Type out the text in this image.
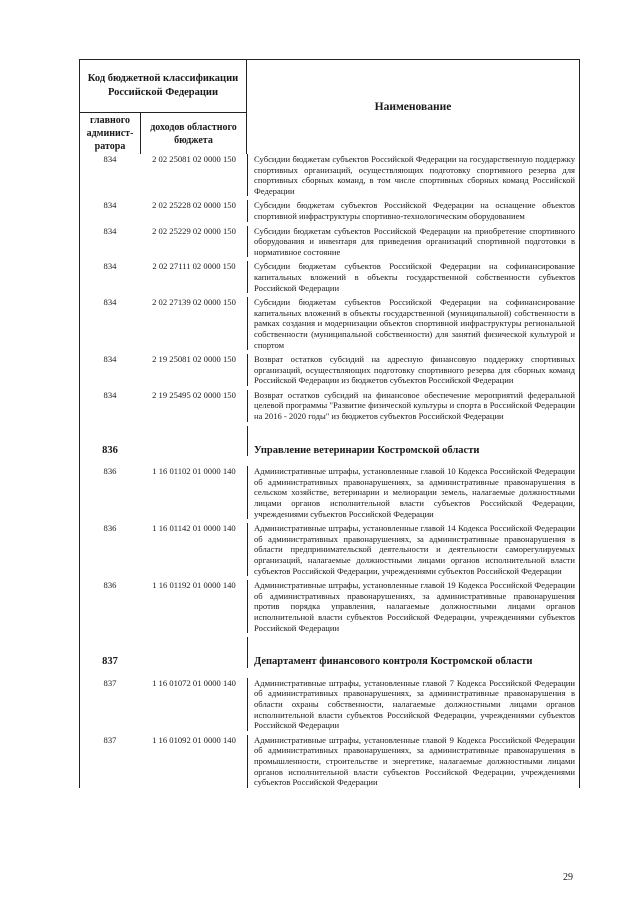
Код бюджетной классификации Российской Федерации
главного админист-ратора
доходов областного бюджета
Наименование
834	2 02 25081 02 0000 150	Субсидии бюджетам субъектов Российской Федерации на государственную поддержку спортивных организаций, осуществляющих подготовку спортивного резерва для спортивных сборных команд, в том числе спортивных сборных команд Российской Федерации
834	2 02 25228 02 0000 150	Субсидии бюджетам субъектов Российской Федерации на оснащение объектов спортивной инфраструктуры спортивно-технологическим оборудованием
834	2 02 25229 02 0000 150	Субсидии бюджетам субъектов Российской Федерации на приобретение спортивного оборудования и инвентаря для приведения организаций спортивной подготовки в нормативное состояние
834	2 02 27111 02 0000 150	Субсидии бюджетам субъектов Российской Федерации на софинансирование капитальных вложений в объекты государственной собственности субъектов Российской Федерации
834	2 02 27139 02 0000 150	Субсидии бюджетам субъектов Российской Федерации на софинансирование капитальных вложений в объекты государственной (муниципальной) собственности в рамках создания и модернизации объектов спортивной инфраструктуры региональной собственности (муниципальной собственности) для занятий физической культурой и спортом
834	2 19 25081 02 0000 150	Возврат остатков субсидий на адресную финансовую поддержку спортивных организаций, осуществляющих подготовку спортивного резерва для сборных команд Российской Федерации из бюджетов субъектов Российской Федерации
834	2 19 25495 02 0000 150	Возврат остатков субсидий на финансовое обеспечение мероприятий федеральной целевой программы "Развитие физической культуры и спорта в Российской Федерации на 2016 - 2020 годы" из бюджетов субъектов Российской Федерации
836	Управление ветеринарии Костромской области
836	1 16 01102 01 0000 140	Административные штрафы, установленные главой 10 Кодекса Российской Федерации об административных правонарушениях, за административные правонарушения в сельском хозяйстве, ветеринарии и мелиорации земель, налагаемые должностными лицами органов исполнительной власти субъектов Российской Федерации, учреждениями субъектов Российской Федерации
836	1 16 01142 01 0000 140	Административные штрафы, установленные главой 14 Кодекса Российской Федерации об административных правонарушениях, за административные правонарушения в области предпринимательской деятельности и деятельности саморегулируемых организаций, налагаемые должностными лицами органов исполнительной власти субъектов Российской Федерации, учреждениями субъектов Российской Федерации
836	1 16 01192 01 0000 140	Административные штрафы, установленные главой 19 Кодекса Российской Федерации об административных правонарушениях, за административные правонарушения против порядка управления, налагаемые должностными лицами органов исполнительной власти субъектов Российской Федерации, учреждениями субъектов Российской Федерации
837	Департамент финансового контроля Костромской области
837	1 16 01072 01 0000 140	Административные штрафы, установленные главой 7 Кодекса Российской Федерации об административных правонарушениях, за административные правонарушения в области охраны собственности, налагаемые должностными лицами органов исполнительной власти субъектов Российской Федерации, учреждениями субъектов Российской Федерации
837	1 16 01092 01 0000 140	Административные штрафы, установленные главой 9 Кодекса Российской Федерации об административных правонарушениях, за административные правонарушения в промышленности, строительстве и энергетике, налагаемые должностными лицами органов исполнительной власти субъектов Российской Федерации, учреждениями субъектов Российской Федерации
29
